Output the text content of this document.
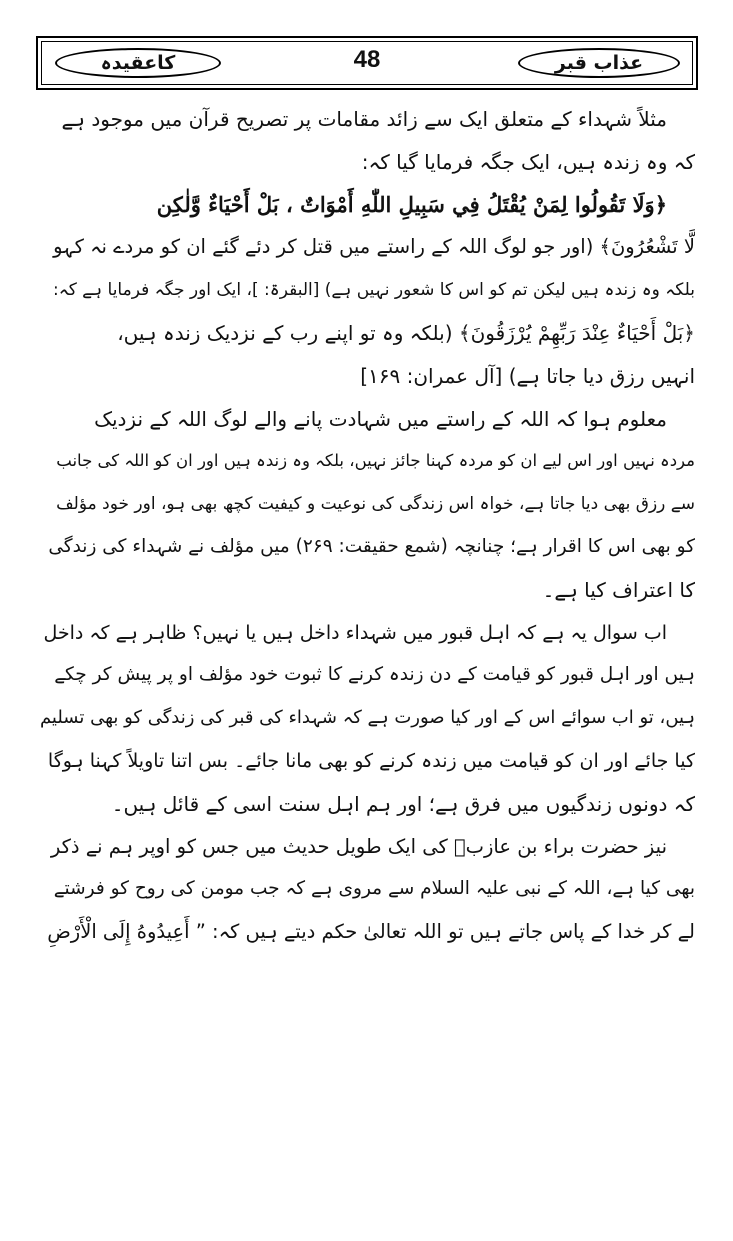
عذاب قبر
48
کاعقیدہ
مثلاً شہداء کے متعلق ایک سے زائد مقامات پر تصریح قرآن میں موجود ہے
کہ وہ زندہ ہیں، ایک جگہ فرمایا گیا کہ:
﴿وَلَا تَقُولُوا لِمَنْ يُقْتَلُ فِي سَبِيلِ اللّٰهِ أَمْوَاتٌ ، بَلْ أَحْيَاءٌ وَّلٰكِن
لَّا تَشْعُرُونَ﴾ (اور جو لوگ اللہ کے راستے میں قتل کر دئے گئے ان کو مردے نہ کہو
بلکہ وہ زندہ ہیں لیکن تم کو اس کا شعور نہیں ہے) [البقرۃ: ]، ایک اور جگہ فرمایا ہے کہ:
﴿بَلْ أَحْيَاءٌ عِنْدَ رَبِّهِمْ يُرْزَقُونَ﴾ (بلکہ وہ تو اپنے رب کے نزدیک زندہ ہیں،
انہیں رزق دیا جاتا ہے) [آل عمران: ۱۶۹]
معلوم ہوا کہ اللہ کے راستے میں شہادت پانے والے لوگ اللہ کے نزدیک
مردہ نہیں اور اس لیے ان کو مردہ کہنا جائز نہیں، بلکہ وہ زندہ ہیں اور ان کو اللہ کی جانب
سے رزق بھی دیا جاتا ہے، خواہ اس زندگی کی نوعیت و کیفیت کچھ بھی ہو، اور خود مؤلف
کو بھی اس کا اقرار ہے؛ چنانچہ (شمع حقیقت: ۲۶۹) میں مؤلف نے شہداء کی زندگی
کا اعتراف کیا ہے۔
اب سوال یہ ہے کہ اہل قبور میں شہداء داخل ہیں یا نہیں؟ ظاہر ہے کہ داخل
ہیں اور اہل قبور کو قیامت کے دن زندہ کرنے کا ثبوت خود مؤلف او پر پیش کر چکے
ہیں، تو اب سوائے اس کے اور کیا صورت ہے کہ شہداء کی قبر کی زندگی کو بھی تسلیم
کیا جائے اور ان کو قیامت میں زندہ کرنے کو بھی مانا جائے۔ بس اتنا تاویلاً کہنا ہوگا
کہ دونوں زندگیوں میں فرق ہے؛ اور ہم اہل سنت اسی کے قائل ہیں۔
نیز حضرت براء بن عازبؓ کی ایک طویل حدیث میں جس کو اوپر ہم نے ذکر
بھی کیا ہے، اللہ کے نبی علیہ السلام سے مروی ہے کہ جب مومن کی روح کو فرشتے
لے کر خدا کے پاس جاتے ہیں تو اللہ تعالیٰ حکم دیتے ہیں کہ: ” أَعِيدُوهُ إِلَى الْأَرْضِ
